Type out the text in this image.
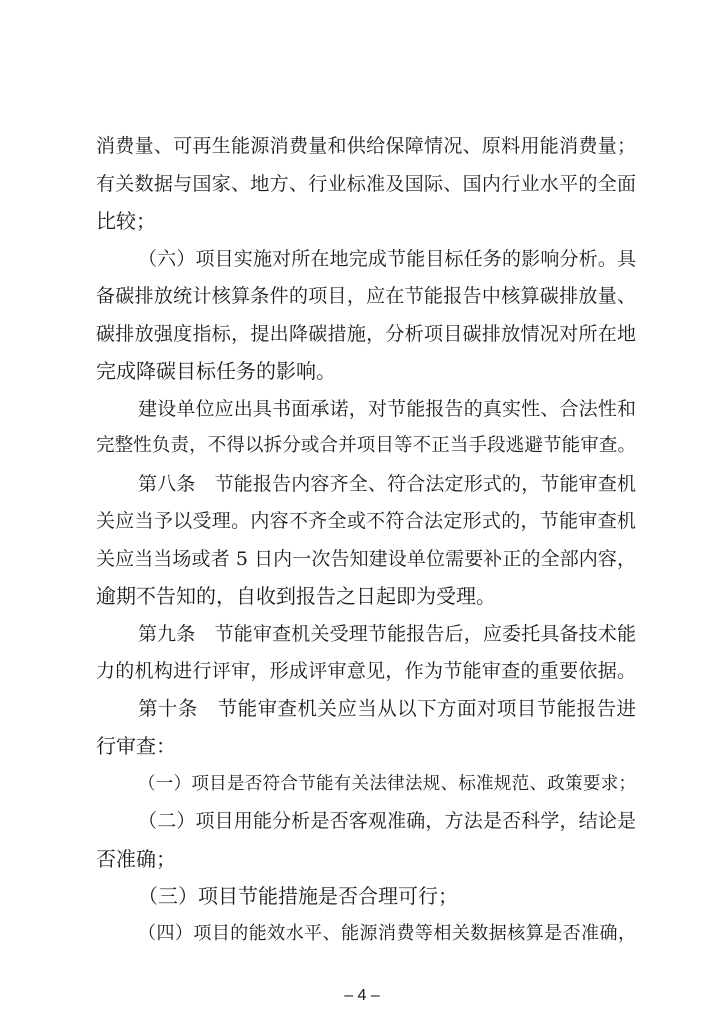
消费量、可再生能源消费量和供给保障情况、原料用能消费量；
有关数据与国家、地方、行业标准及国际、国内行业水平的全面
比较；
（六）项目实施对所在地完成节能目标任务的影响分析。具
备碳排放统计核算条件的项目，应在节能报告中核算碳排放量、
碳排放强度指标，提出降碳措施，分析项目碳排放情况对所在地
完成降碳目标任务的影响。
建设单位应出具书面承诺，对节能报告的真实性、合法性和
完整性负责，不得以拆分或合并项目等不正当手段逃避节能审查。
第八条　节能报告内容齐全、符合法定形式的，节能审查机
关应当予以受理。内容不齐全或不符合法定形式的，节能审查机
关应当当场或者 5 日内一次告知建设单位需要补正的全部内容，
逾期不告知的，自收到报告之日起即为受理。
第九条　节能审查机关受理节能报告后，应委托具备技术能
力的机构进行评审，形成评审意见，作为节能审查的重要依据。
第十条　节能审查机关应当从以下方面对项目节能报告进
行审查：
（一）项目是否符合节能有关法律法规、标准规范、政策要求；
（二）项目用能分析是否客观准确，方法是否科学，结论是
否准确；
（三）项目节能措施是否合理可行；
（四）项目的能效水平、能源消费等相关数据核算是否准确，
– 4 –
